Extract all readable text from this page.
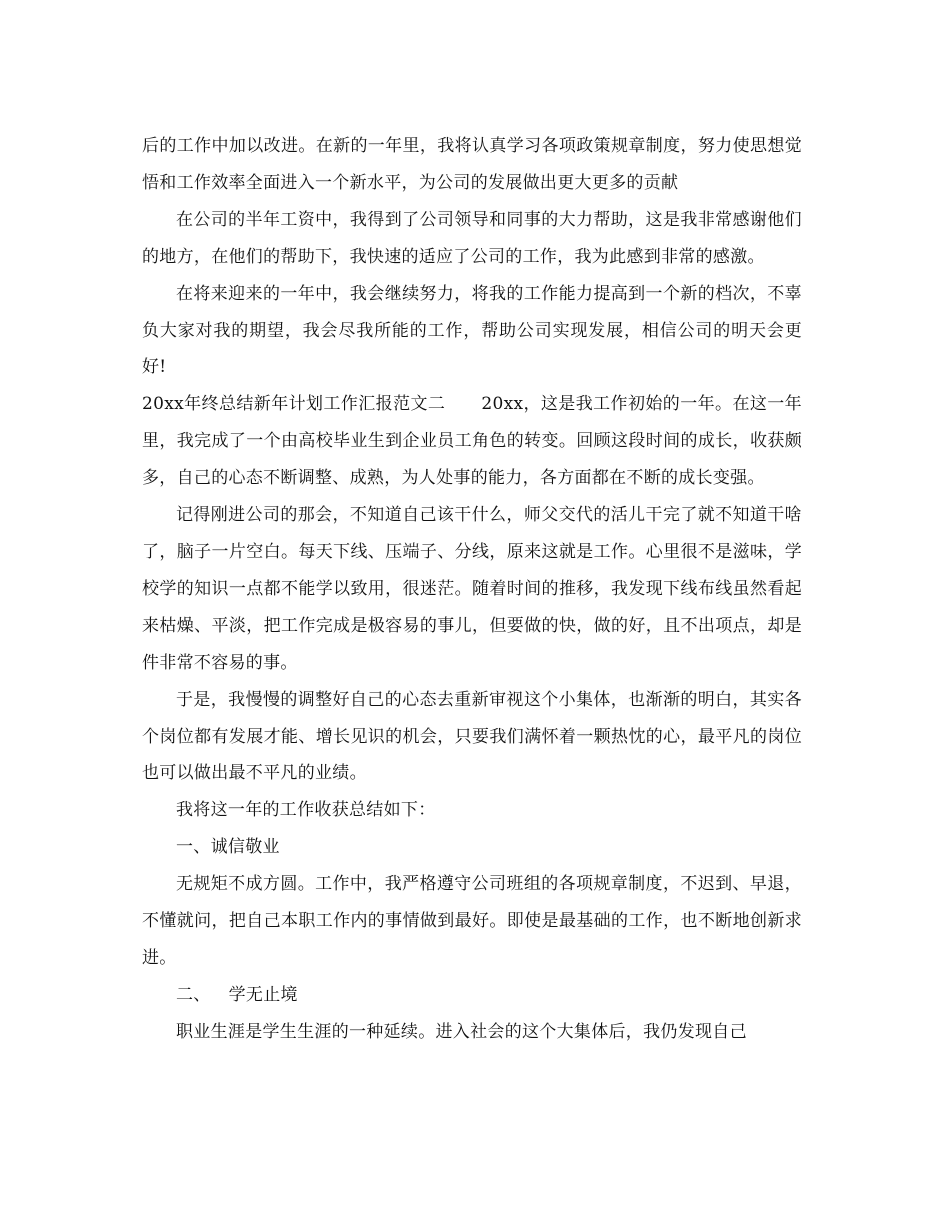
后的工作中加以改进。在新的一年里，我将认真学习各项政策规章制度，努力使思想觉悟和工作效率全面进入一个新水平，为公司的发展做出更大更多的贡献

在公司的半年工资中，我得到了公司领导和同事的大力帮助，这是我非常感谢他们的地方，在他们的帮助下，我快速的适应了公司的工作，我为此感到非常的感激。

在将来迎来的一年中，我会继续努力，将我的工作能力提高到一个新的档次，不辜负大家对我的期望，我会尽我所能的工作，帮助公司实现发展，相信公司的明天会更好!

20xx年终总结新年计划工作汇报范文二 20xx，这是我工作初始的一年。在这一年里，我完成了一个由高校毕业生到企业员工角色的转变。回顾这段时间的成长，收获颇多，自己的心态不断调整、成熟，为人处事的能力，各方面都在不断的成长变强。

记得刚进公司的那会，不知道自己该干什么，师父交代的活儿干完了就不知道干啥了，脑子一片空白。每天下线、压端子、分线，原来这就是工作。心里很不是滋味，学校学的知识一点都不能学以致用，很迷茫。随着时间的推移，我发现下线布线虽然看起来枯燥、平淡，把工作完成是极容易的事儿，但要做的快，做的好，且不出项点，却是件非常不容易的事。

于是，我慢慢的调整好自己的心态去重新审视这个小集体，也渐渐的明白，其实各个岗位都有发展才能、增长见识的机会，只要我们满怀着一颗热忱的心，最平凡的岗位也可以做出最不平凡的业绩。

我将这一年的工作收获总结如下：

一、诚信敬业

无规矩不成方圆。工作中，我严格遵守公司班组的各项规章制度，不迟到、早退，不懂就问，把自己本职工作内的事情做到最好。即使是最基础的工作，也不断地创新求进。

二、 学无止境

职业生涯是学生生涯的一种延续。进入社会的这个大集体后，我仍发现自己
